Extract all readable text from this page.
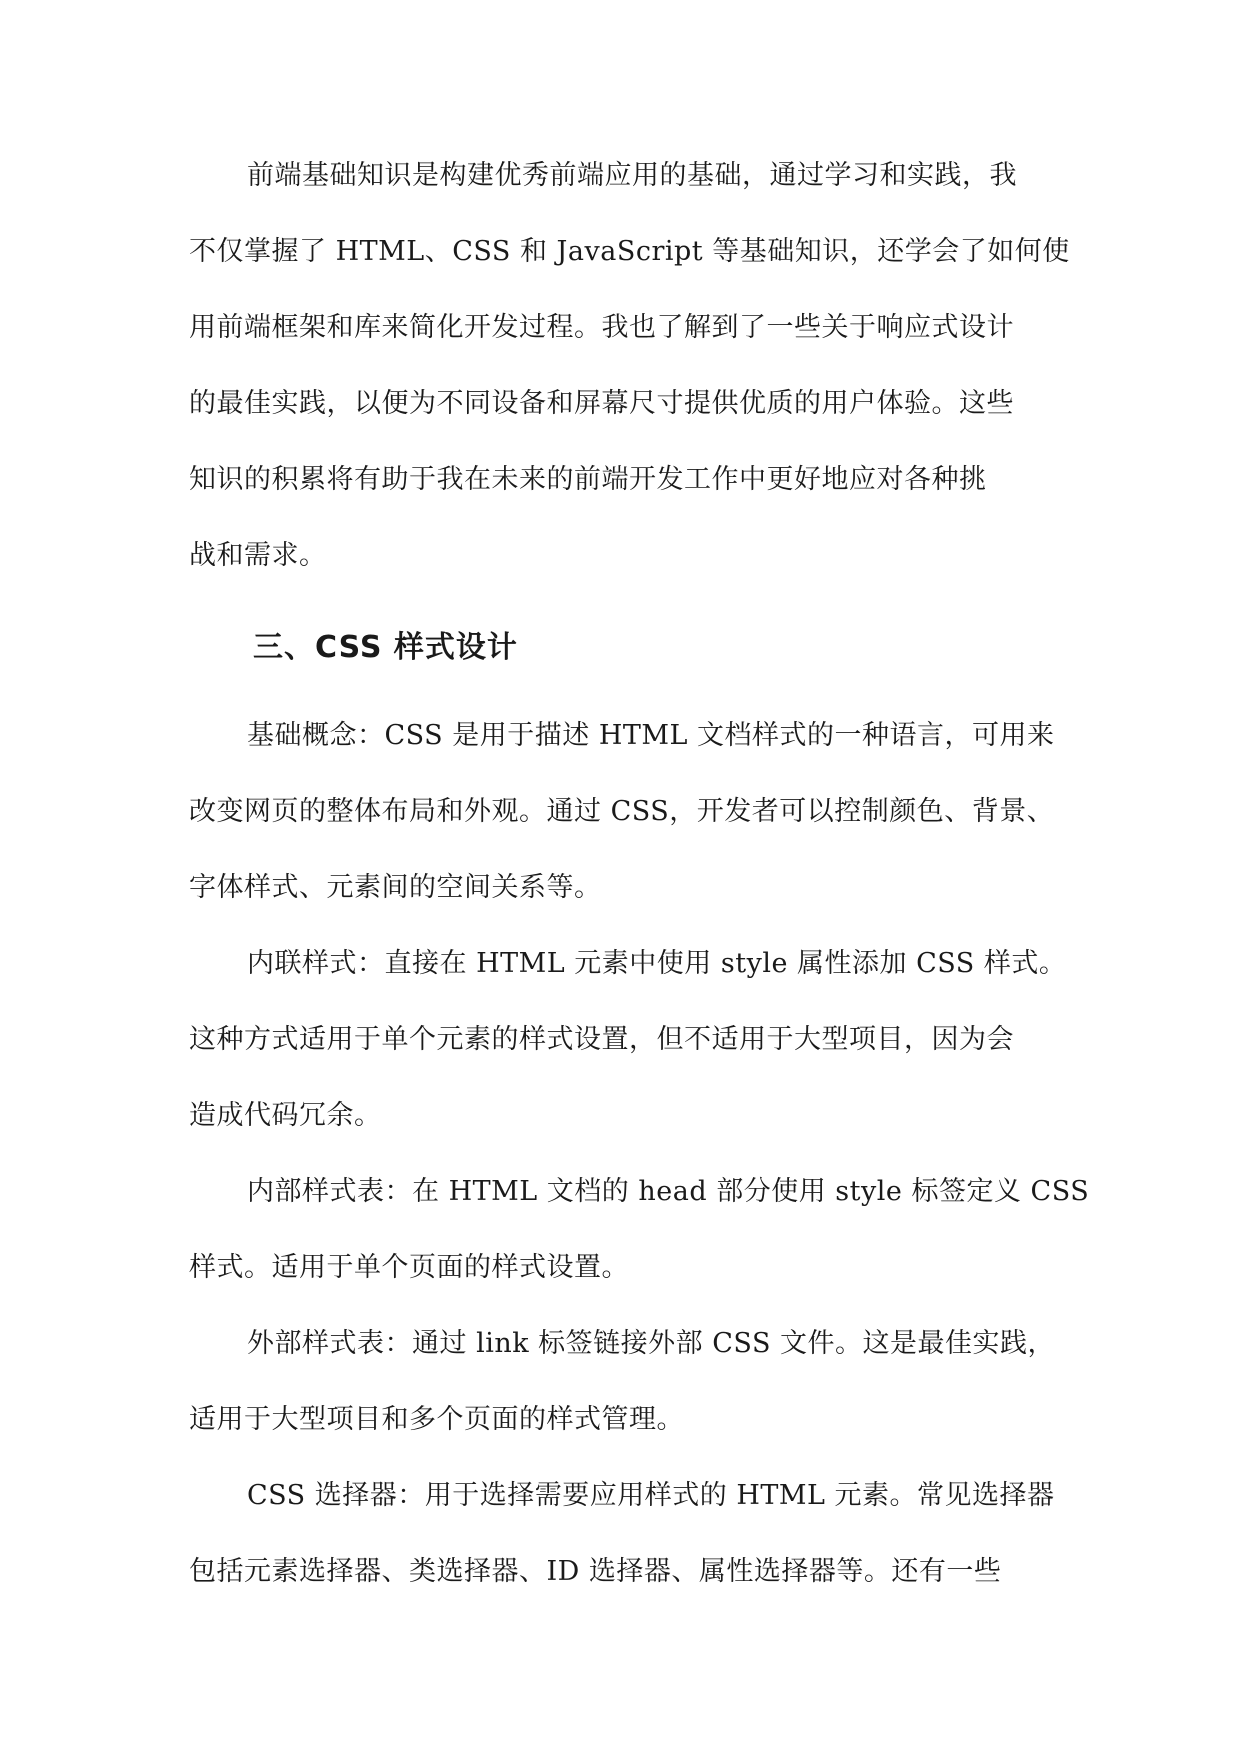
前端基础知识是构建优秀前端应用的基础，通过学习和实践，我
不仅掌握了 HTML、CSS 和 JavaScript 等基础知识，还学会了如何使
用前端框架和库来简化开发过程。我也了解到了一些关于响应式设计
的最佳实践，以便为不同设备和屏幕尺寸提供优质的用户体验。这些
知识的积累将有助于我在未来的前端开发工作中更好地应对各种挑
战和需求。
三、CSS 样式设计
基础概念：CSS 是用于描述 HTML 文档样式的一种语言，可用来
改变网页的整体布局和外观。通过 CSS，开发者可以控制颜色、背景、
字体样式、元素间的空间关系等。
内联样式：直接在 HTML 元素中使用 style 属性添加 CSS 样式。
这种方式适用于单个元素的样式设置，但不适用于大型项目，因为会
造成代码冗余。
内部样式表：在 HTML 文档的 head 部分使用 style 标签定义 CSS
样式。适用于单个页面的样式设置。
外部样式表：通过 link 标签链接外部 CSS 文件。这是最佳实践，
适用于大型项目和多个页面的样式管理。
CSS 选择器：用于选择需要应用样式的 HTML 元素。常见选择器
包括元素选择器、类选择器、ID 选择器、属性选择器等。还有一些
